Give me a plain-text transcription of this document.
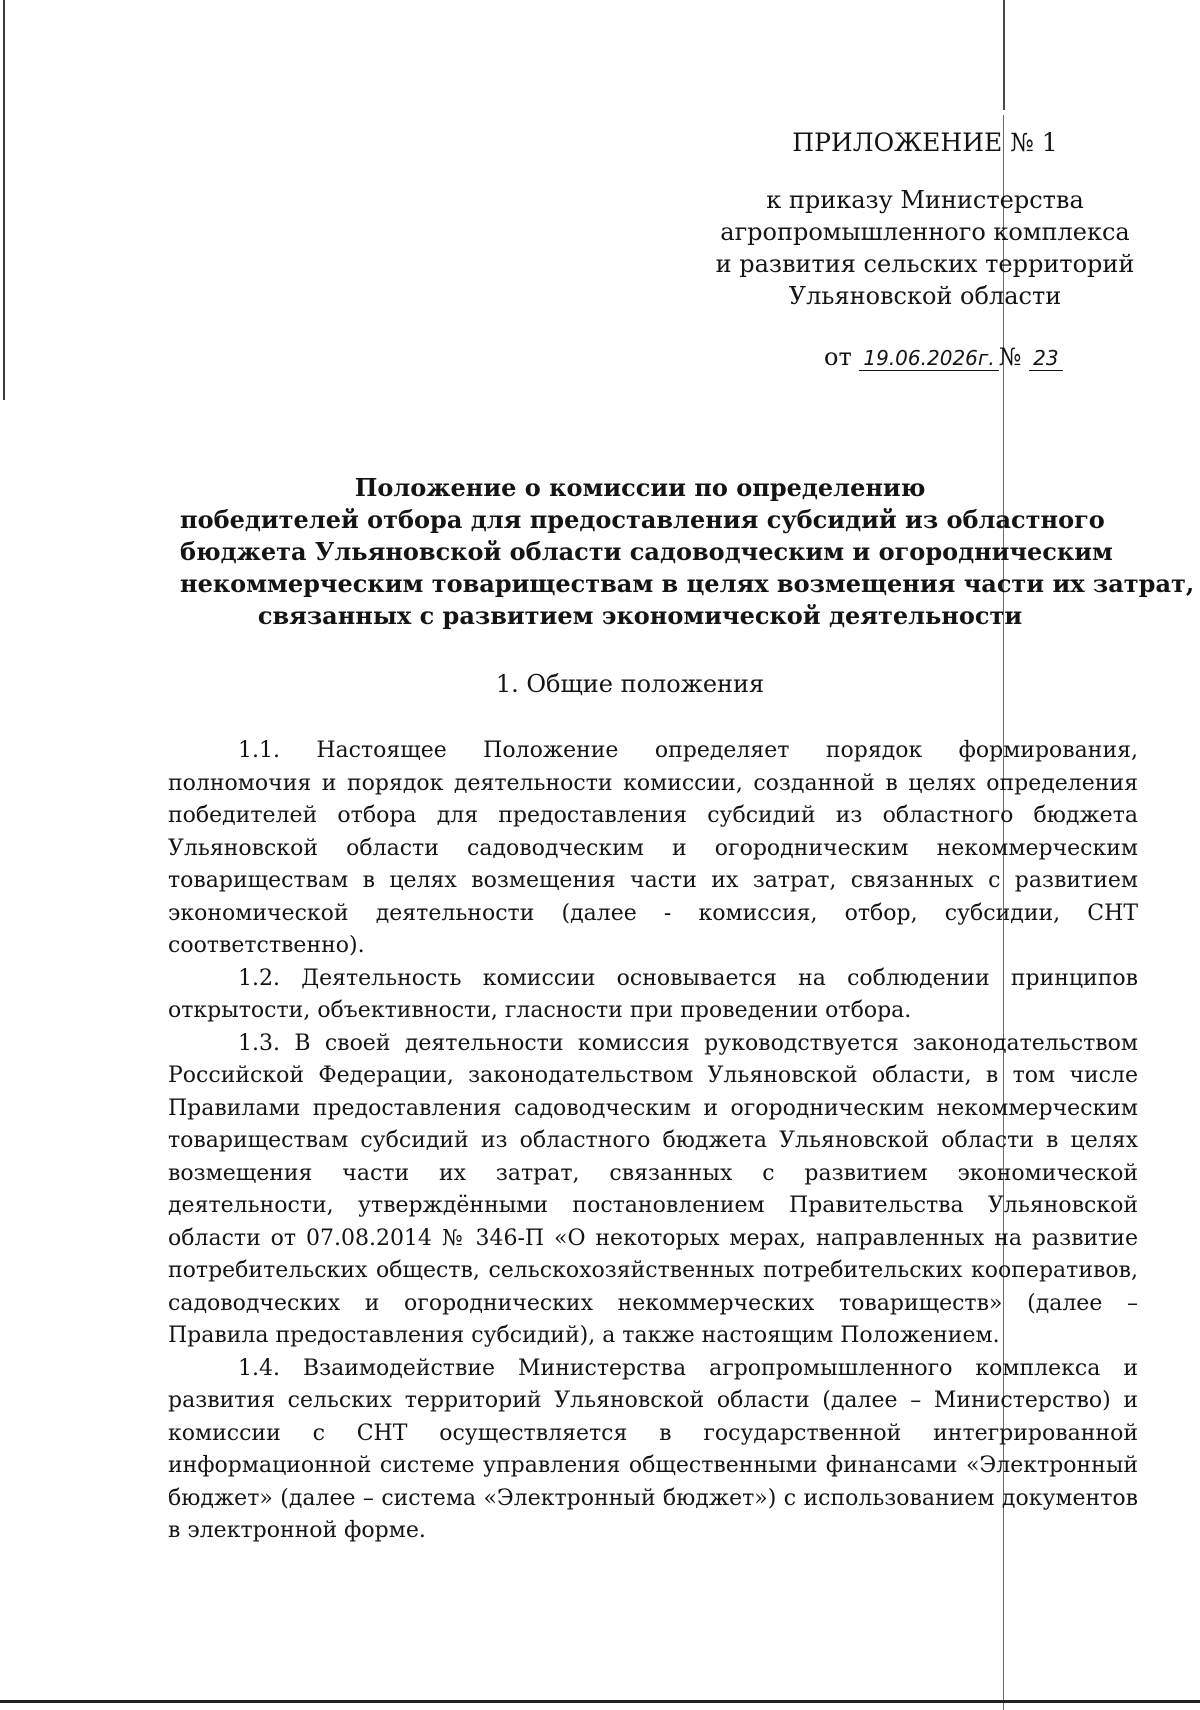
ПРИЛОЖЕНИЕ № 1
к приказу Министерства
агропромышленного комплекса
и развития сельских территорий
Ульяновской области
от 19.06.2026г. № 23
Положение о комиссии по определению
победителей отбора для предоставления субсидий из областного
бюджета Ульяновской области садоводческим и огородническим
некоммерческим товариществам в целях возмещения части их затрат,
связанных с развитием экономической деятельности
1. Общие положения

1.1. Настоящее Положение определяет порядок формирования, полномочия и порядок деятельности комиссии, созданной в целях определения победителей отбора для предоставления субсидий из областного бюджета Ульяновской области садоводческим и огородническим некоммерческим товариществам в целях возмещения части их затрат, связанных с развитием экономической деятельности (далее - комиссия, отбор, субсидии, СНТ соответственно).

1.2. Деятельность комиссии основывается на соблюдении принципов открытости, объективности, гласности при проведении отбора.

1.3. В своей деятельности комиссия руководствуется законодательством Российской Федерации, законодательством Ульяновской области, в том числе Правилами предоставления садоводческим и огородническим некоммерческим товариществам субсидий из областного бюджета Ульяновской области в целях возмещения части их затрат, связанных с развитием экономической деятельности, утверждёнными постановлением Правительства Ульяновской области от 07.08.2014 № 346-П «О некоторых мерах, направленных на развитие потребительских обществ, сельскохозяйственных потребительских кооперативов, садоводческих и огороднических некоммерческих товариществ» (далее – Правила предоставления субсидий), а также настоящим Положением.

1.4. Взаимодействие Министерства агропромышленного комплекса и развития сельских территорий Ульяновской области (далее – Министерство) и комиссии с СНТ осуществляется в государственной интегрированной информационной системе управления общественными финансами «Электронный бюджет» (далее – система «Электронный бюджет») с использованием документов в электронной форме.
